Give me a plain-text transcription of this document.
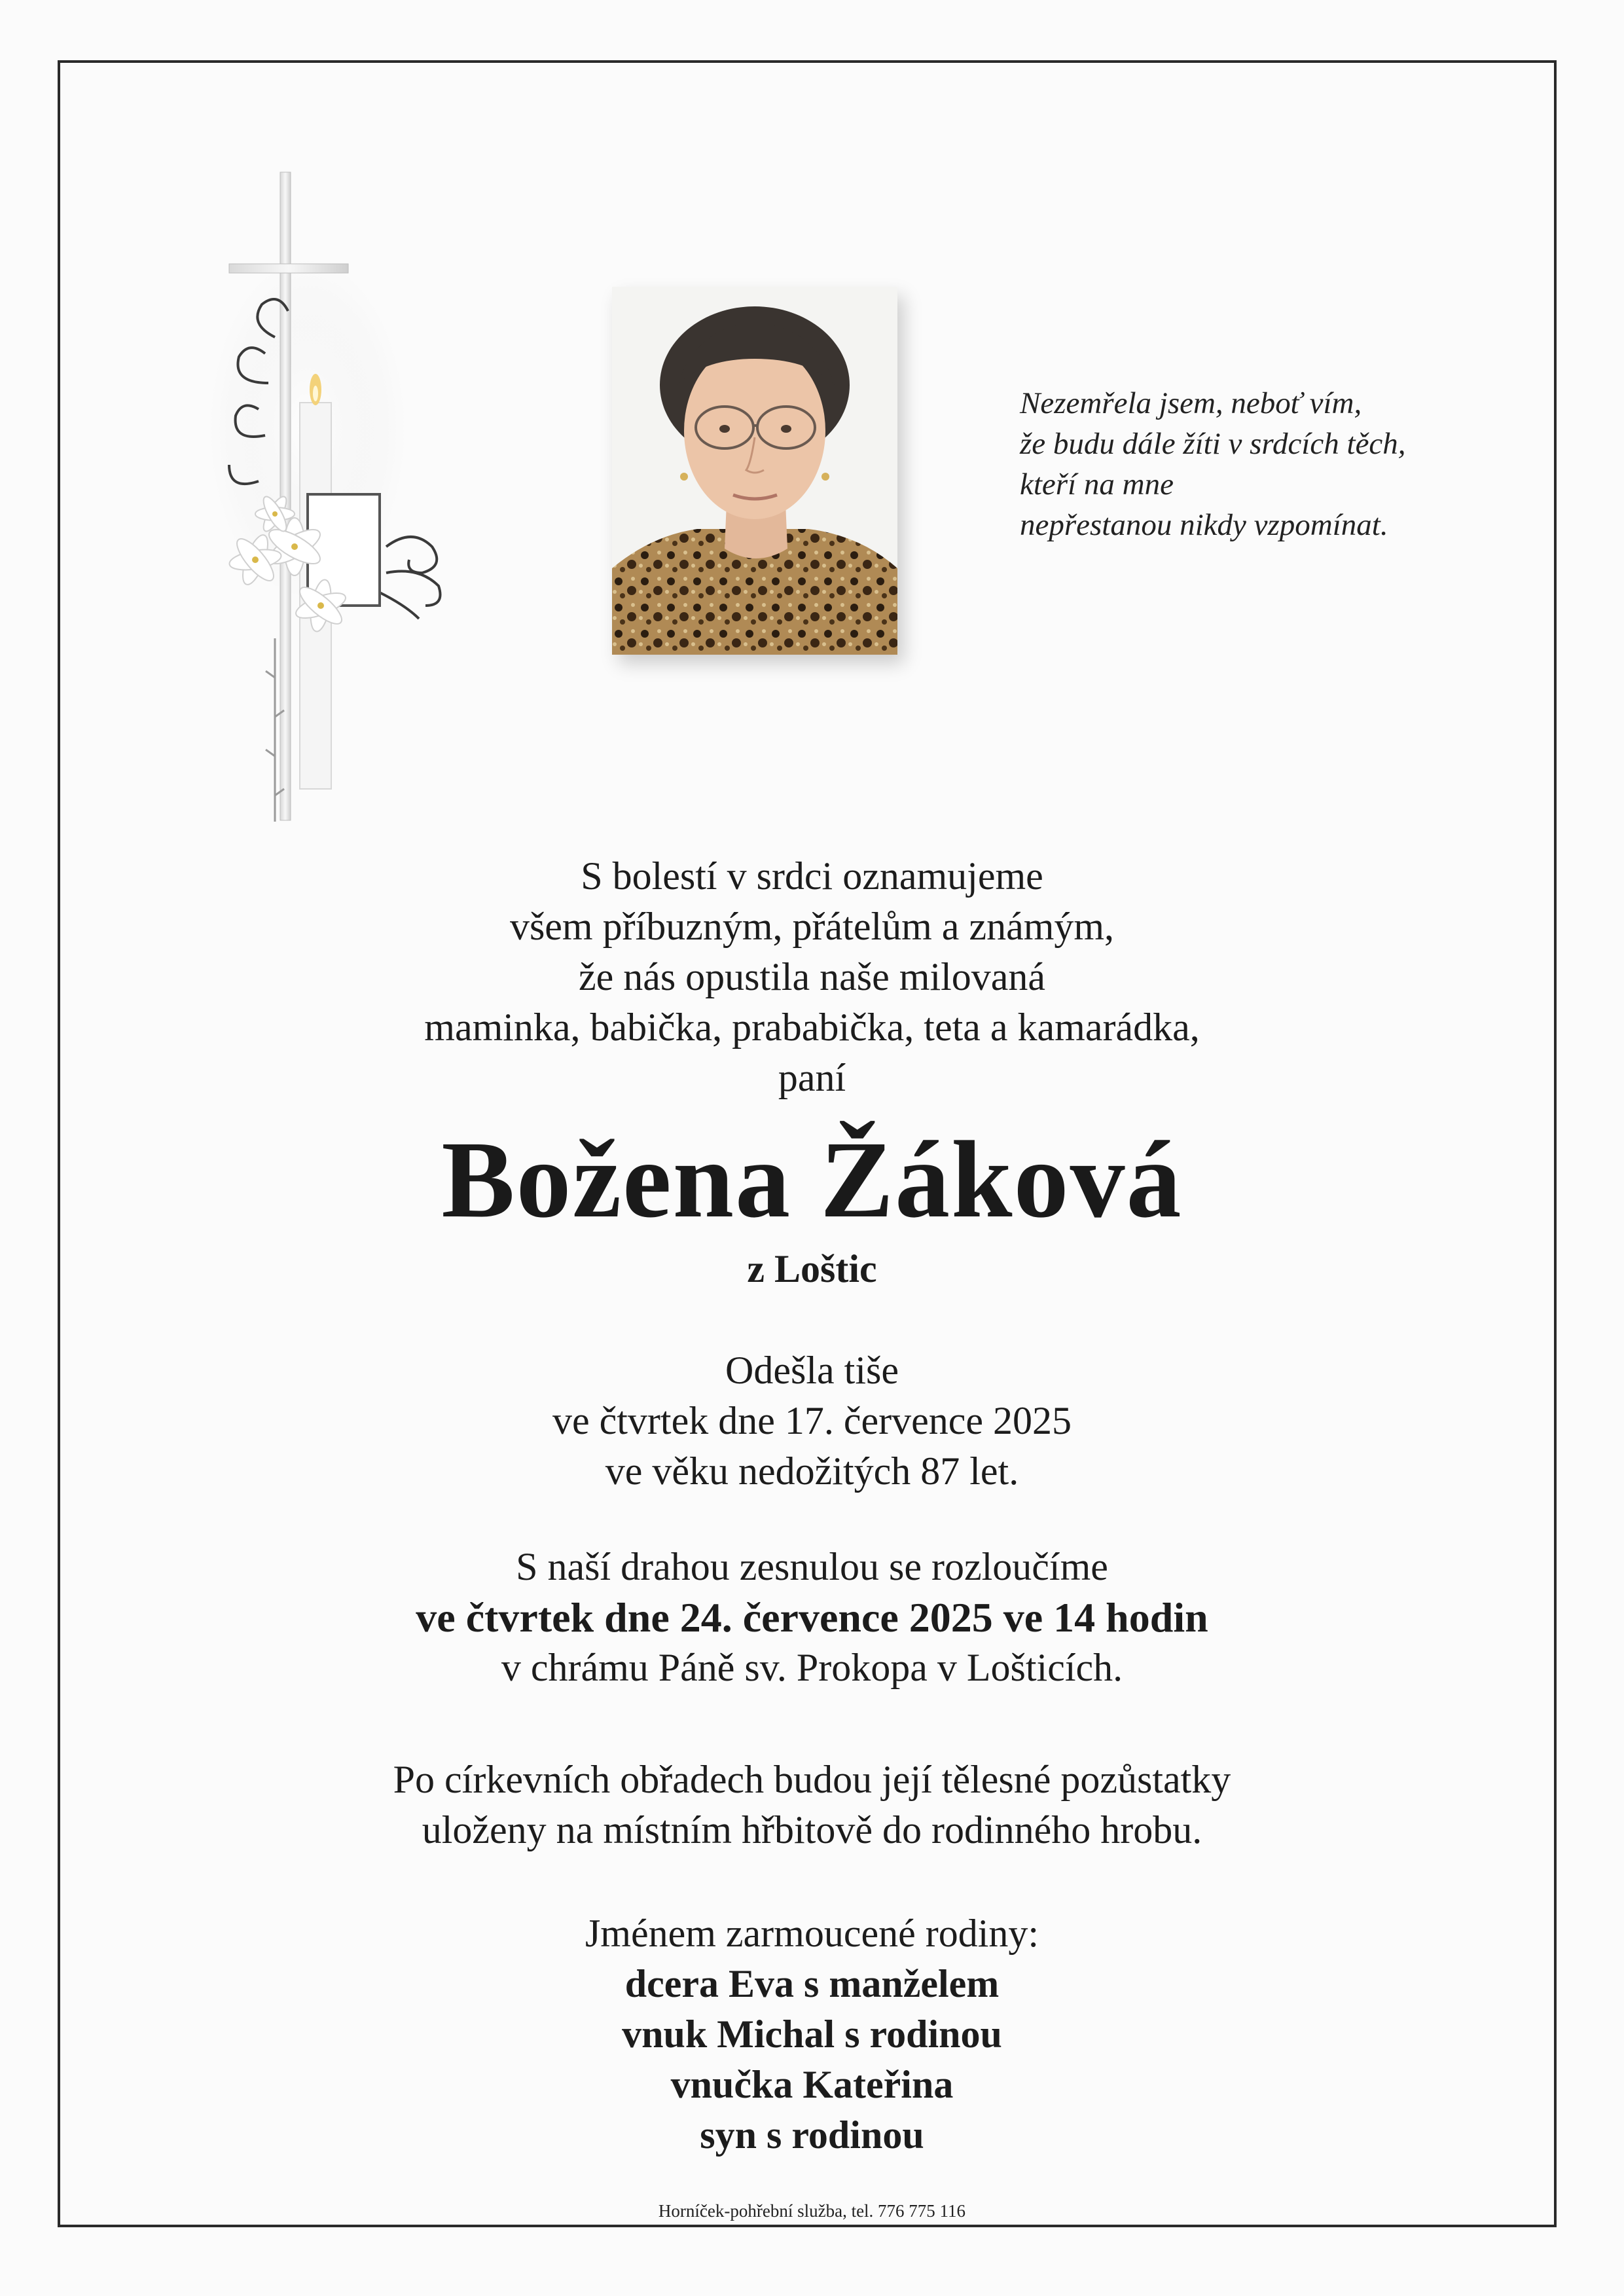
Nezemřela jsem, neboť vím,
že budu dále žíti v srdcích těch,
kteří na mne
nepřestanou nikdy vzpomínat.
S bolestí v srdci oznamujeme
všem příbuzným, přátelům a známým,
že nás opustila naše milovaná
maminka, babička, prababička, teta a kamarádka,
paní
Božena Žáková
z Loštic
Odešla tiše
ve čtvrtek dne 17. července 2025
ve věku nedožitých 87 let.
S naší drahou zesnulou se rozloučíme
ve čtvrtek dne 24. července 2025 ve 14 hodin
v chrámu Páně sv. Prokopa v Lošticích.
Po církevních obřadech budou její tělesné pozůstatky
uloženy na místním hřbitově do rodinného hrobu.
Jménem zarmoucené rodiny:
dcera Eva s manželem
vnuk Michal s rodinou
vnučka Kateřina
syn s rodinou
Horníček-pohřební služba, tel. 776 775 116
